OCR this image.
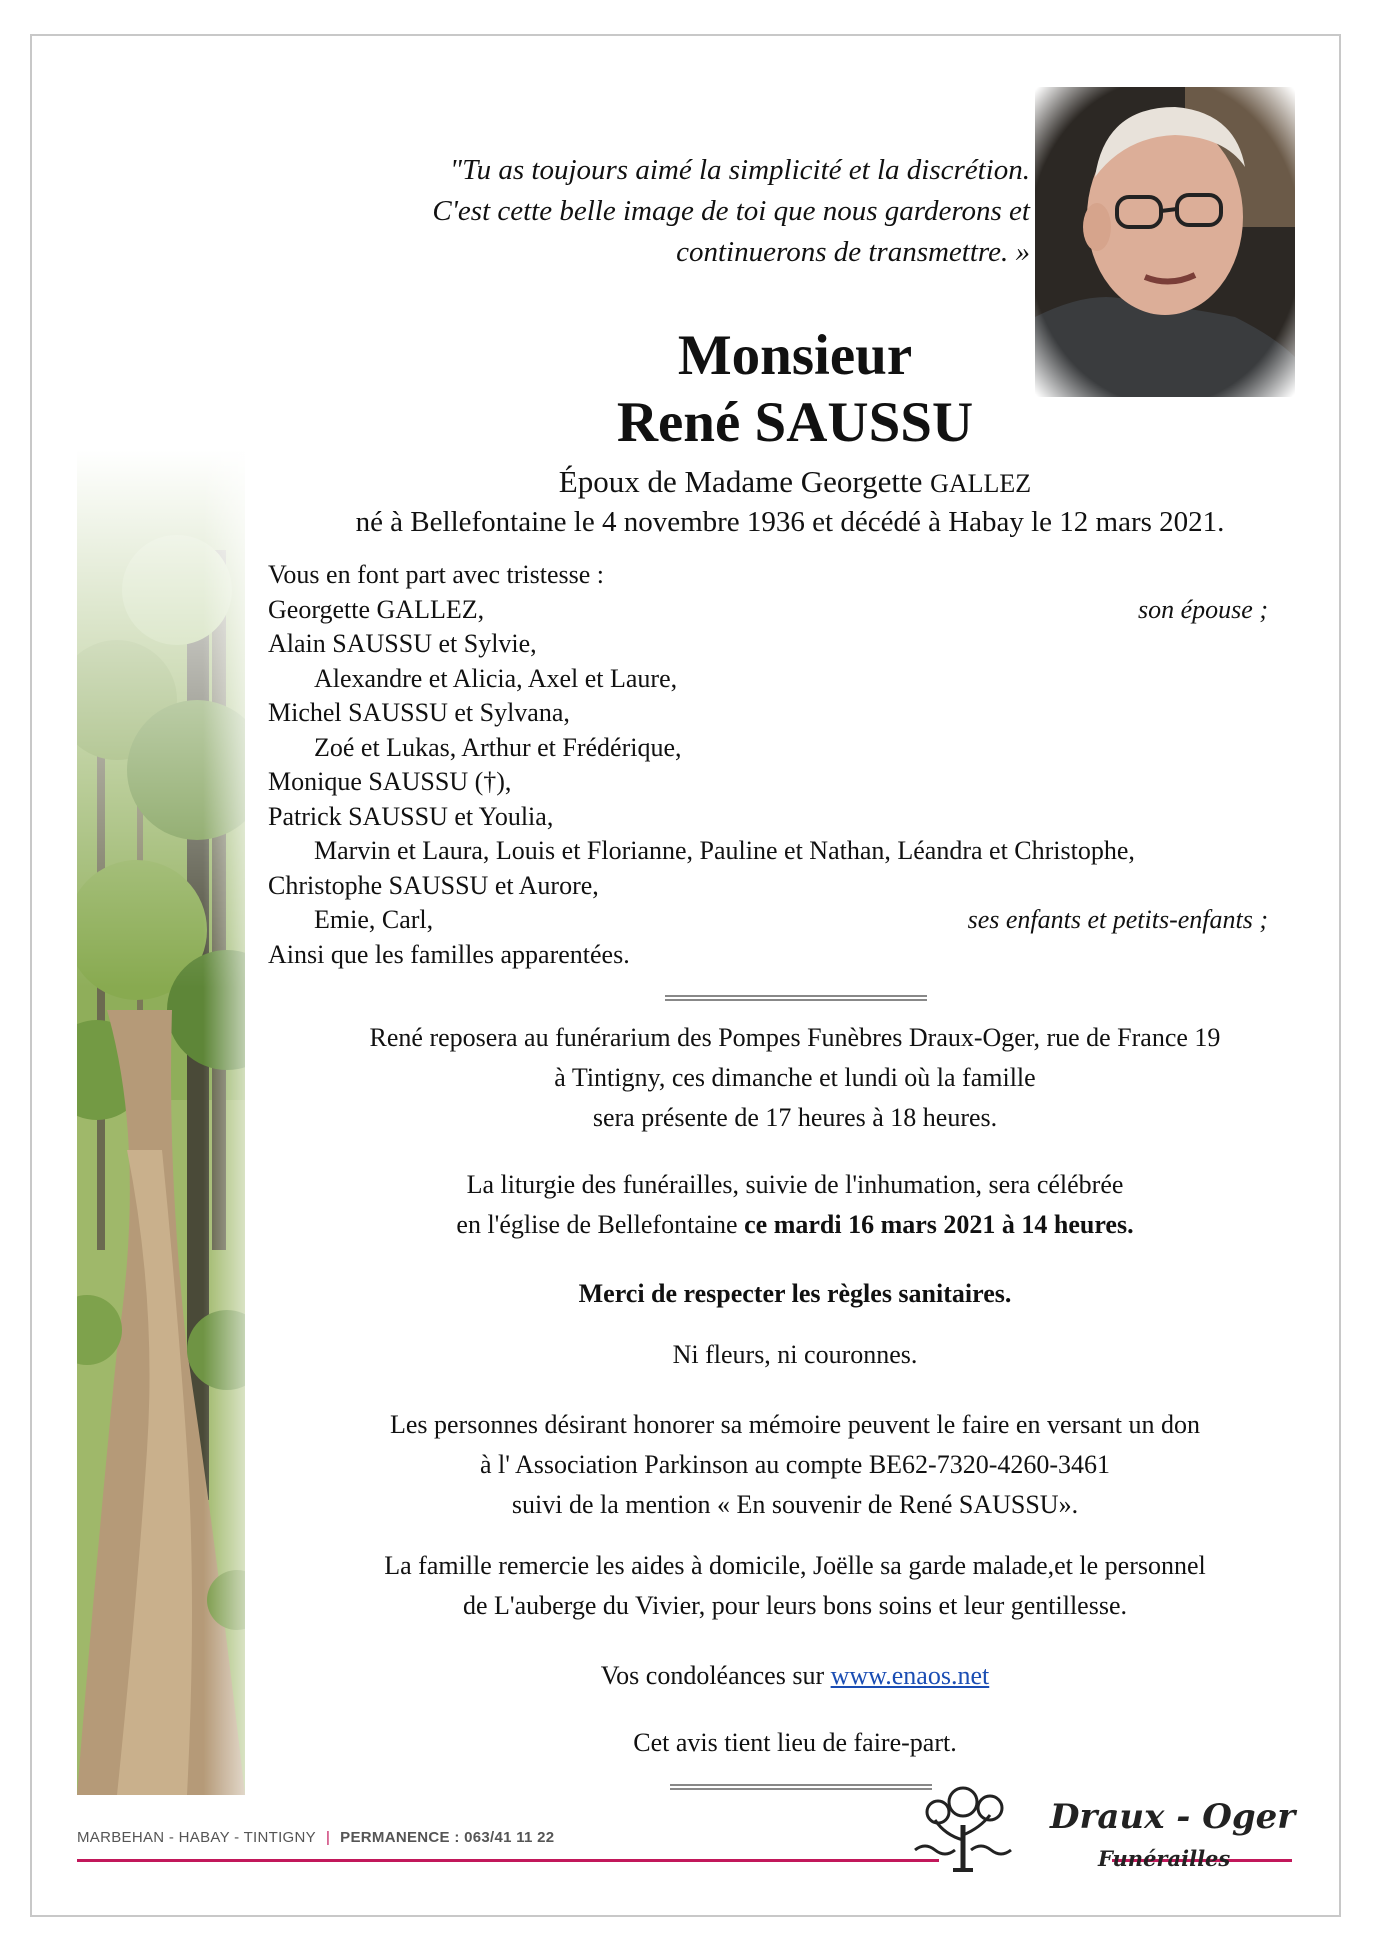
"Tu as toujours aimé la simplicité et la discrétion.
C'est cette belle image de toi que nous garderons et
continuerons de transmettre. »
Monsieur
René SAUSSU
Époux de Madame Georgette GALLEZ
né à Bellefontaine le 4 novembre 1936 et décédé à Habay le 12 mars 2021.
Vous en font part avec tristesse :
Georgette GALLEZ,	son épouse ;
Alain SAUSSU et Sylvie,
Alexandre et Alicia, Axel et Laure,
Michel SAUSSU et Sylvana,
Zoé et Lukas, Arthur et Frédérique,
Monique SAUSSU (†),
Patrick SAUSSU et Youlia,
Marvin et Laura, Louis et Florianne, Pauline et Nathan, Léandra et Christophe,
Christophe SAUSSU et Aurore,
Emie, Carl,	ses enfants et petits-enfants ;
Ainsi que les familles apparentées.
René reposera au funérarium des Pompes Funèbres Draux-Oger, rue de France 19
à Tintigny, ces dimanche et lundi où la famille
sera présente de 17 heures à 18 heures.
La liturgie des funérailles, suivie de l'inhumation, sera célébrée
en l'église de Bellefontaine ce mardi 16 mars 2021 à 14 heures.
Merci de respecter les règles sanitaires.
Ni fleurs, ni couronnes.
Les personnes désirant honorer sa mémoire peuvent le faire en versant un don
à l' Association Parkinson au compte BE62-7320-4260-3461
suivi de la mention « En souvenir de René SAUSSU».
La famille remercie les aides à domicile, Joëlle sa garde malade,et le personnel
de L'auberge du Vivier, pour leurs bons soins et leur gentillesse.
Vos condoléances sur www.enaos.net
Cet avis tient lieu de faire-part.
MARBEHAN - HABAY - TINTIGNY | PERMANENCE : 063/41 11 22
Draux - Oger
Funérailles
